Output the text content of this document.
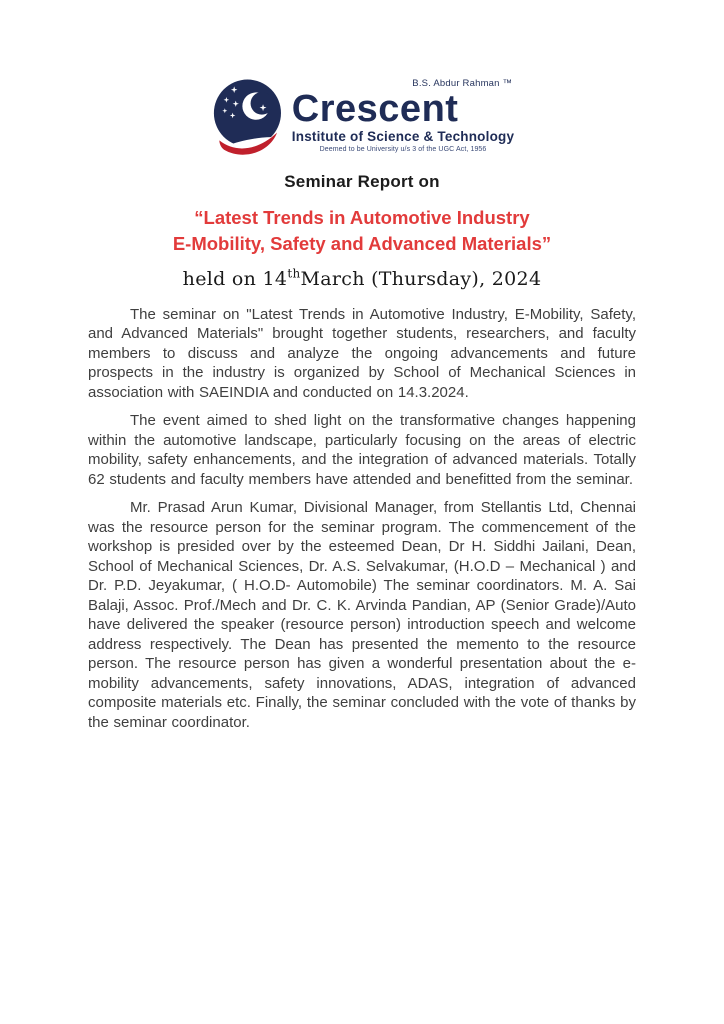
B.S. Abdur Rahman ™
Crescent
Institute of Science & Technology
Deemed to be University u/s 3 of the UGC Act, 1956
Seminar Report on
“Latest Trends in Automotive Industry
E-Mobility, Safety and Advanced Materials”
held on 14thMarch (Thursday), 2024

The seminar on "Latest Trends in Automotive Industry, E-Mobility, Safety, and Advanced Materials" brought together students, researchers, and faculty members to discuss and analyze the ongoing advancements and future prospects in the industry is organized by School of Mechanical Sciences in association with SAEINDIA and conducted on 14.3.2024.

The event aimed to shed light on the transformative changes happening within the automotive landscape, particularly focusing on the areas of electric mobility, safety enhancements, and the integration of advanced materials. Totally 62 students and faculty members have attended and benefitted from the seminar.

Mr. Prasad Arun Kumar, Divisional Manager, from Stellantis Ltd, Chennai was the resource person for the seminar program. The commencement of the workshop is presided over by the esteemed Dean, Dr H. Siddhi Jailani, Dean, School of Mechanical Sciences, Dr. A.S. Selvakumar, (H.O.D – Mechanical ) and Dr. P.D. Jeyakumar, ( H.O.D- Automobile) The seminar coordinators. M. A. Sai Balaji, Assoc. Prof./Mech and Dr. C. K. Arvinda Pandian, AP (Senior Grade)/Auto have delivered the speaker (resource person) introduction speech and welcome address respectively. The Dean has presented the memento to the resource person. The resource person has given a wonderful presentation about the e-mobility advancements, safety innovations, ADAS, integration of advanced composite materials etc. Finally, the seminar concluded with the vote of thanks by the seminar coordinator.
